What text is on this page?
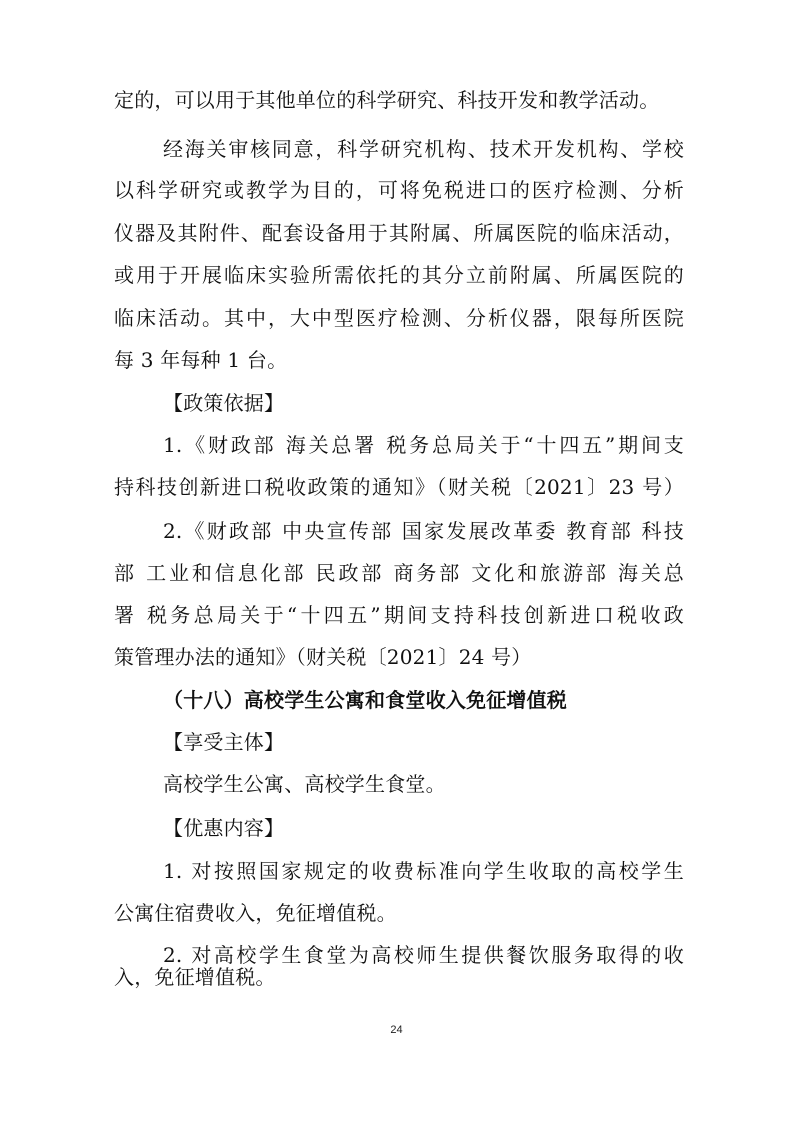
定的，可以用于其他单位的科学研究、科技开发和教学活动。
经海关审核同意，科学研究机构、技术开发机构、学校
以科学研究或教学为目的，可将免税进口的医疗检测、分析
仪器及其附件、配套设备用于其附属、所属医院的临床活动，
或用于开展临床实验所需依托的其分立前附属、所属医院的
临床活动。其中，大中型医疗检测、分析仪器，限每所医院
每 3 年每种 1 台。
【政策依据】
1.《财政部 海关总署 税务总局关于“十四五”期间支
持科技创新进口税收政策的通知》（财关税〔2021〕23 号）
2.《财政部 中央宣传部 国家发展改革委 教育部 科技
部 工业和信息化部 民政部 商务部 文化和旅游部 海关总
署 税务总局关于“十四五”期间支持科技创新进口税收政
策管理办法的通知》（财关税〔2021〕24 号）
（十八）高校学生公寓和食堂收入免征增值税
【享受主体】
高校学生公寓、高校学生食堂。
【优惠内容】
1. 对按照国家规定的收费标准向学生收取的高校学生
公寓住宿费收入，免征增值税。
2. 对高校学生食堂为高校师生提供餐饮服务取得的收
入，免征增值税。
24
